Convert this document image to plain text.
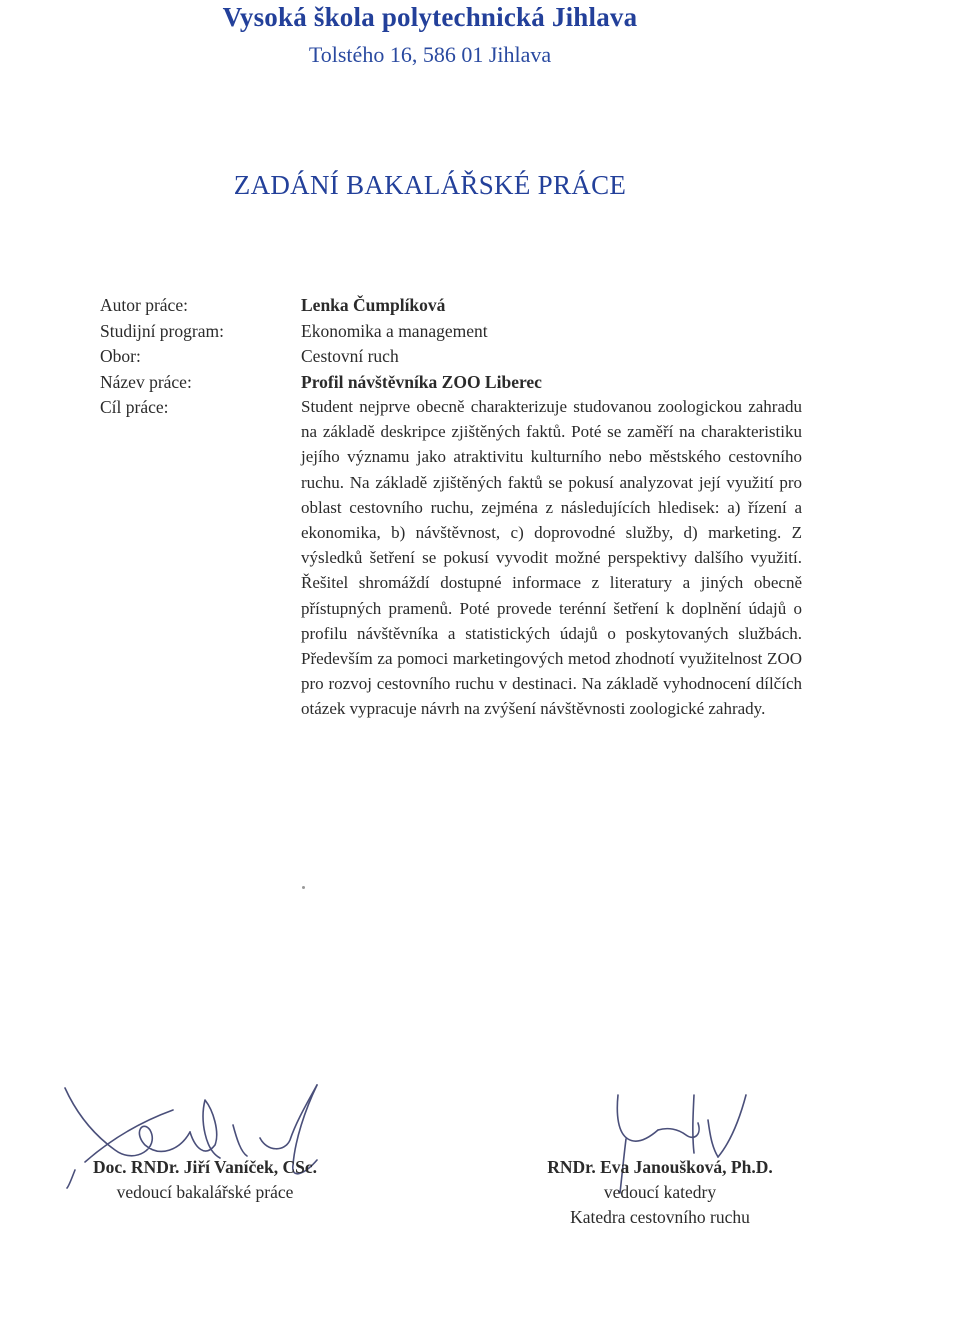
Vysoká škola polytechnická Jihlava
Tolstého 16, 586 01 Jihlava
ZADÁNÍ BAKALÁŘSKÉ PRÁCE
Autor práce:
Studijní program:
Obor:
Název práce:
Cíl práce:
Lenka Čumplíková
Ekonomika a management
Cestovní ruch
Profil návštěvníka ZOO Liberec

Student nejprve obecně charakterizuje studovanou zoologickou zahradu na základě deskripce zjištěných faktů. Poté se zaměří na charakteristiku jejího významu jako atraktivitu kulturního nebo městského cestovního ruchu. Na základě zjištěných faktů se pokusí analyzovat její využití pro oblast cestovního ruchu, zejména z následujících hledisek: a) řízení a ekonomika, b) návštěvnost, c) doprovodné služby, d) marketing. Z výsledků šetření se pokusí vyvodit možné perspektivy dalšího využití. Řešitel shromáždí dostupné informace z literatury a jiných obecně přístupných pramenů. Poté provede terénní šetření k doplnění údajů o profilu návštěvníka a statistických údajů o poskytovaných službách. Především za pomoci marketingových metod zhodnotí využitelnost ZOO pro rozvoj cestovního ruchu v destinaci. Na základě vyhodnocení dílčích otázek vypracuje návrh na zvýšení návštěvnosti zoologické zahrady.

Doc. RNDr. Jiří Vaníček, CSc.
vedoucí bakalářské práce
RNDr. Eva Janoušková, Ph.D.
vedoucí katedry
Katedra cestovního ruchu
